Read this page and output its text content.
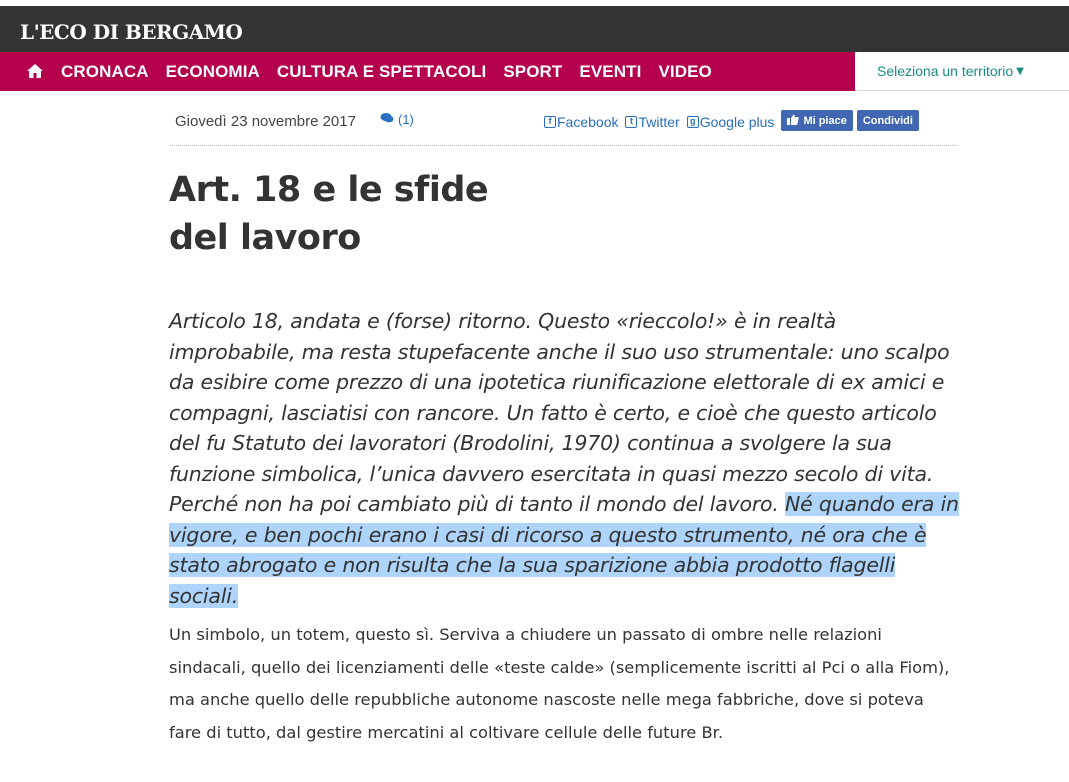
L'ECO DI BERGAMO
CRONACA ECONOMIA CULTURA E SPETTACOLI SPORT EVENTI VIDEO	Seleziona un territorio ▼
Giovedì 23 novembre 2017	(1)	f Facebook	t Twitter	g Google plus	Mi piace Condividi
Art. 18 e le sfide
del lavoro

Articolo 18, andata e (forse) ritorno. Questo «rieccolo!» è in realtà improbabile, ma resta stupefacente anche il suo uso strumentale: uno scalpo da esibire come prezzo di una ipotetica riunificazione elettorale di ex amici e compagni, lasciatisi con rancore. Un fatto è certo, e cioè che questo articolo del fu Statuto dei lavoratori (Brodolini, 1970) continua a svolgere la sua funzione simbolica, l’unica davvero esercitata in quasi mezzo secolo di vita. Perché non ha poi cambiato più di tanto il mondo del lavoro. Né quando era in vigore, e ben pochi erano i casi di ricorso a questo strumento, né ora che è stato abrogato e non risulta che la sua sparizione abbia prodotto flagelli sociali.

Un simbolo, un totem, questo sì. Serviva a chiudere un passato di ombre nelle relazioni sindacali, quello dei licenziamenti delle «teste calde» (semplicemente iscritti al Pci o alla Fiom), ma anche quello delle repubbliche autonome nascoste nelle mega fabbriche, dove si poteva fare di tutto, dal gestire mercatini al coltivare cellule delle future Br.
